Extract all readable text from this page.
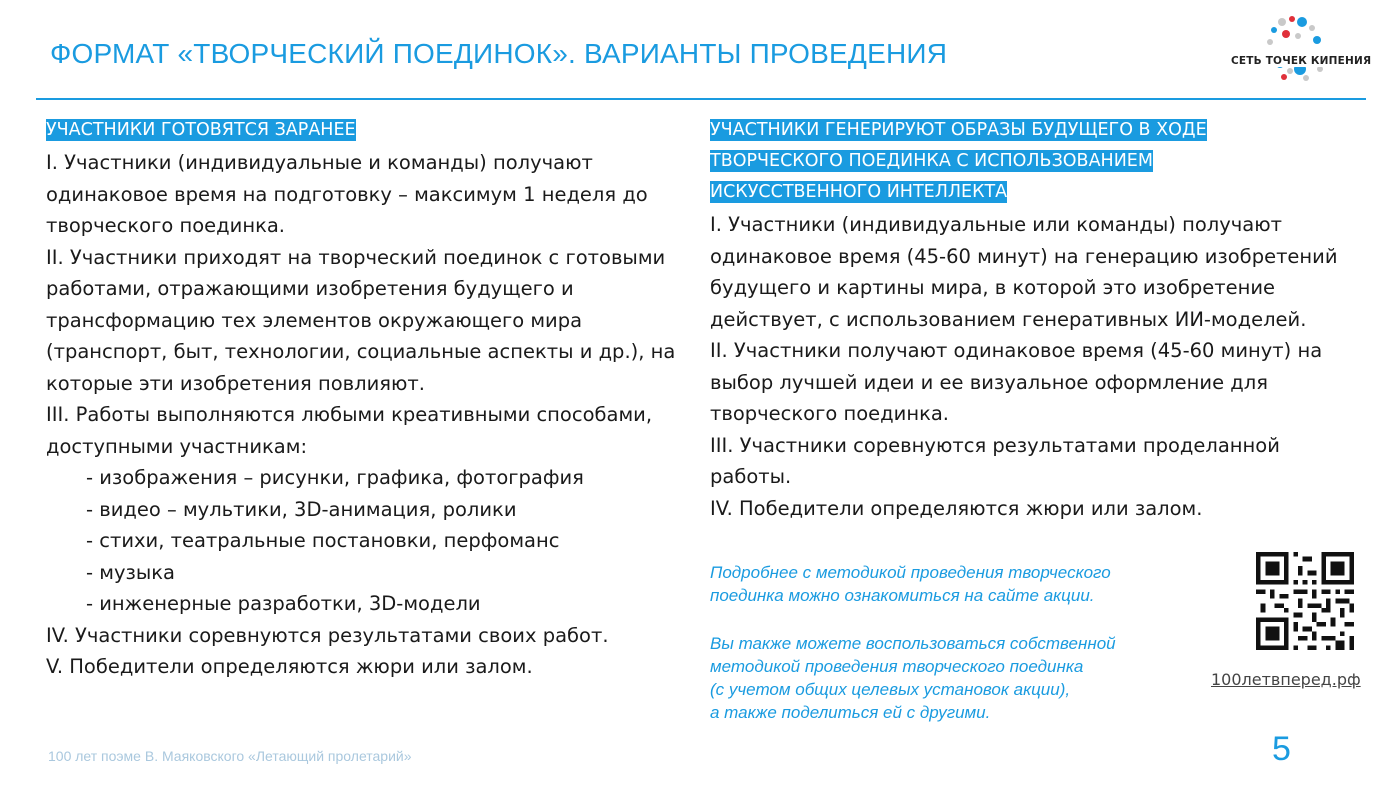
ФОРМАТ «ТВОРЧЕСКИЙ ПОЕДИНОК». ВАРИАНТЫ ПРОВЕДЕНИЯ	СЕТЬ ТОЧЕК КИПЕНИЯ
УЧАСТНИКИ ГОТОВЯТСЯ ЗАРАНЕЕ

I. Участники (индивидуальные и команды) получают одинаковое время на подготовку – максимум 1 неделя до творческого поединка.

II. Участники приходят на творческий поединок с готовыми работами, отражающими изобретения будущего и трансформацию тех элементов окружающего мира (транспорт, быт, технологии, социальные аспекты и др.), на которые эти изобретения повлияют.

III. Работы выполняются любыми креативными способами, доступными участникам:

- изображения – рисунки, графика, фотография
- видео – мультики, 3D-анимация, ролики
- стихи, театральные постановки, перфоманс
- музыка
- инженерные разработки, 3D-модели

IV. Участники соревнуются результатами своих работ.

V. Победители определяются жюри или залом.

УЧАСТНИКИ ГЕНЕРИРУЮТ ОБРАЗЫ БУДУЩЕГО В ХОДЕ
ТВОРЧЕСКОГО ПОЕДИНКА С ИСПОЛЬЗОВАНИЕМ
ИСКУССТВЕННОГО ИНТЕЛЛЕКТА

I. Участники (индивидуальные или команды) получают одинаковое время (45-60 минут) на генерацию изобретений будущего и картины мира, в которой это изобретение действует, с использованием генеративных ИИ-моделей.

II. Участники получают одинаковое время (45-60 минут) на выбор лучшей идеи и ее визуальное оформление для творческого поединка.

III. Участники соревнуются результатами проделанной работы.

IV. Победители определяются жюри или залом.

Подробнее с методикой проведения творческого
поединка можно ознакомиться на сайте акции.
Вы также можете воспользоваться собственной
методикой проведения творческого поединка
(с учетом общих целевых установок акции),
а также поделиться ей с другими.
100летвперед.рф
100 лет поэме В. Маяковского «Летающий пролетарий»	5
